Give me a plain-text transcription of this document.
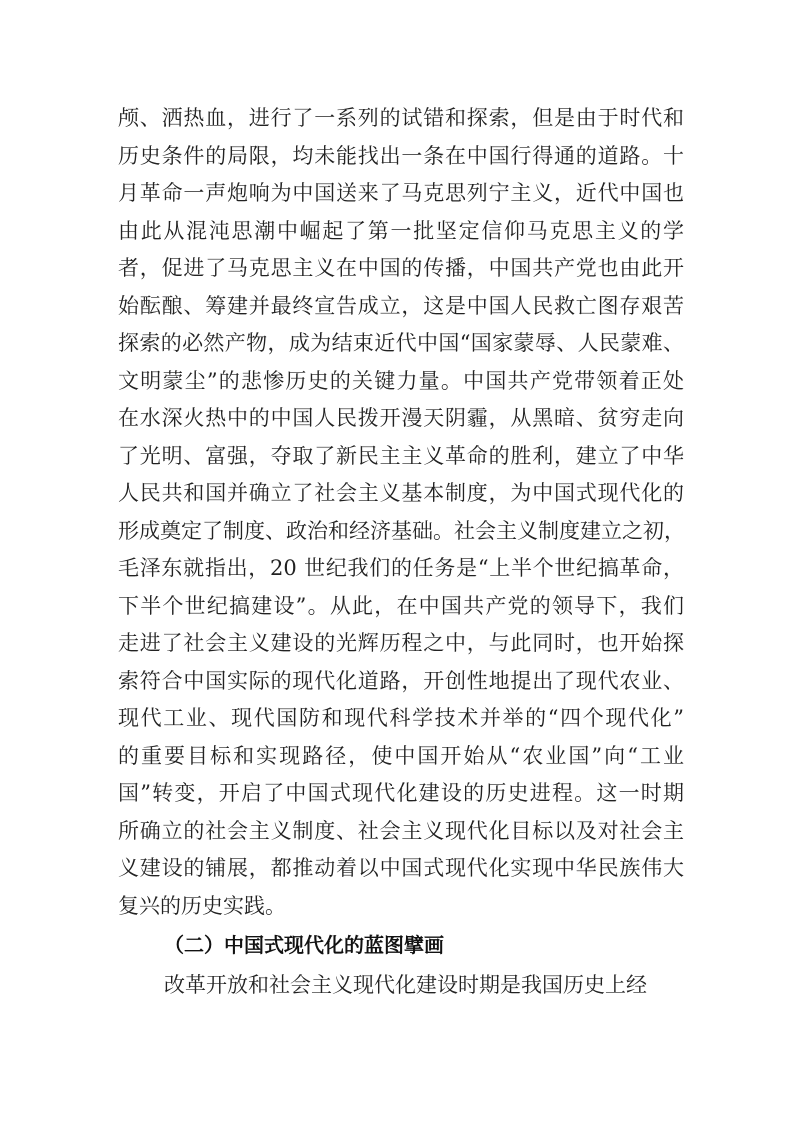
（二）中国式现代化的蓝图擘画
改革开放和社会主义现代化建设时期是我国历史上经
颅、洒热血，进行了一系列的试错和探索，但是由于时代和
历史条件的局限，均未能找出一条在中国行得通的道路。十
月革命一声炮响为中国送来了马克思列宁主义，近代中国也
由此从混沌思潮中崛起了第一批坚定信仰马克思主义的学
者，促进了马克思主义在中国的传播，中国共产党也由此开
始酝酿、筹建并最终宣告成立，这是中国人民救亡图存艰苦
探索的必然产物，成为结束近代中国“国家蒙辱、人民蒙难、
文明蒙尘”的悲惨历史的关键力量。中国共产党带领着正处
在水深火热中的中国人民拨开漫天阴霾，从黑暗、贫穷走向
了光明、富强，夺取了新民主主义革命的胜利，建立了中华
人民共和国并确立了社会主义基本制度，为中国式现代化的
形成奠定了制度、政治和经济基础。社会主义制度建立之初，
毛泽东就指出，20 世纪我们的任务是“上半个世纪搞革命，
下半个世纪搞建设”。从此，在中国共产党的领导下，我们
走进了社会主义建设的光辉历程之中，与此同时，也开始探
索符合中国实际的现代化道路，开创性地提出了现代农业、
现代工业、现代国防和现代科学技术并举的“四个现代化”
的重要目标和实现路径，使中国开始从“农业国”向“工业
国”转变，开启了中国式现代化建设的历史进程。这一时期
所确立的社会主义制度、社会主义现代化目标以及对社会主
义建设的铺展，都推动着以中国式现代化实现中华民族伟大
复兴的历史实践。
